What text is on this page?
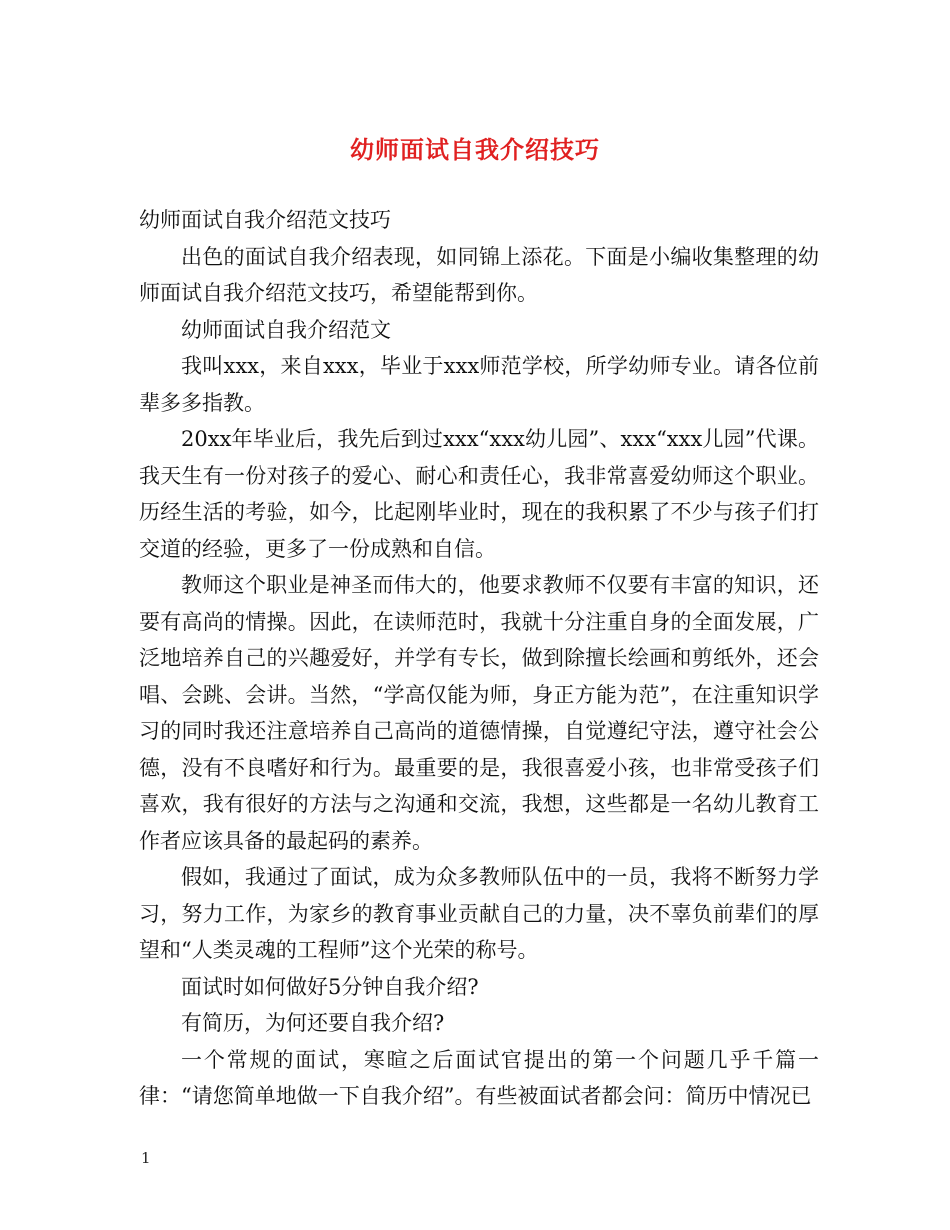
幼师面试自我介绍技巧

幼师面试自我介绍范文技巧

出色的面试自我介绍表现，如同锦上添花。下面是小编收集整理的幼师面试自我介绍范文技巧，希望能帮到你。

幼师面试自我介绍范文

我叫xxx，来自xxx，毕业于xxx师范学校，所学幼师专业。请各位前辈多多指教。

20xx年毕业后，我先后到过xxx“xxx幼儿园”、xxx“xxx儿园”代课。我天生有一份对孩子的爱心、耐心和责任心，我非常喜爱幼师这个职业。历经生活的考验，如今，比起刚毕业时，现在的我积累了不少与孩子们打交道的经验，更多了一份成熟和自信。

教师这个职业是神圣而伟大的，他要求教师不仅要有丰富的知识，还要有高尚的情操。因此，在读师范时，我就十分注重自身的全面发展，广泛地培养自己的兴趣爱好，并学有专长，做到除擅长绘画和剪纸外，还会唱、会跳、会讲。当然，“学高仅能为师，身正方能为范”，在注重知识学习的同时我还注意培养自己高尚的道德情操，自觉遵纪守法，遵守社会公德，没有不良嗜好和行为。最重要的是，我很喜爱小孩，也非常受孩子们喜欢，我有很好的方法与之沟通和交流，我想，这些都是一名幼儿教育工作者应该具备的最起码的素养。

假如，我通过了面试，成为众多教师队伍中的一员，我将不断努力学习，努力工作，为家乡的教育事业贡献自己的力量，决不辜负前辈们的厚望和“人类灵魂的工程师”这个光荣的称号。

面试时如何做好5分钟自我介绍?

有简历，为何还要自我介绍?

一个常规的面试，寒暄之后面试官提出的第一个问题几乎千篇一律：“请您简单地做一下自我介绍”。有些被面试者都会问：简历中情况已

1
